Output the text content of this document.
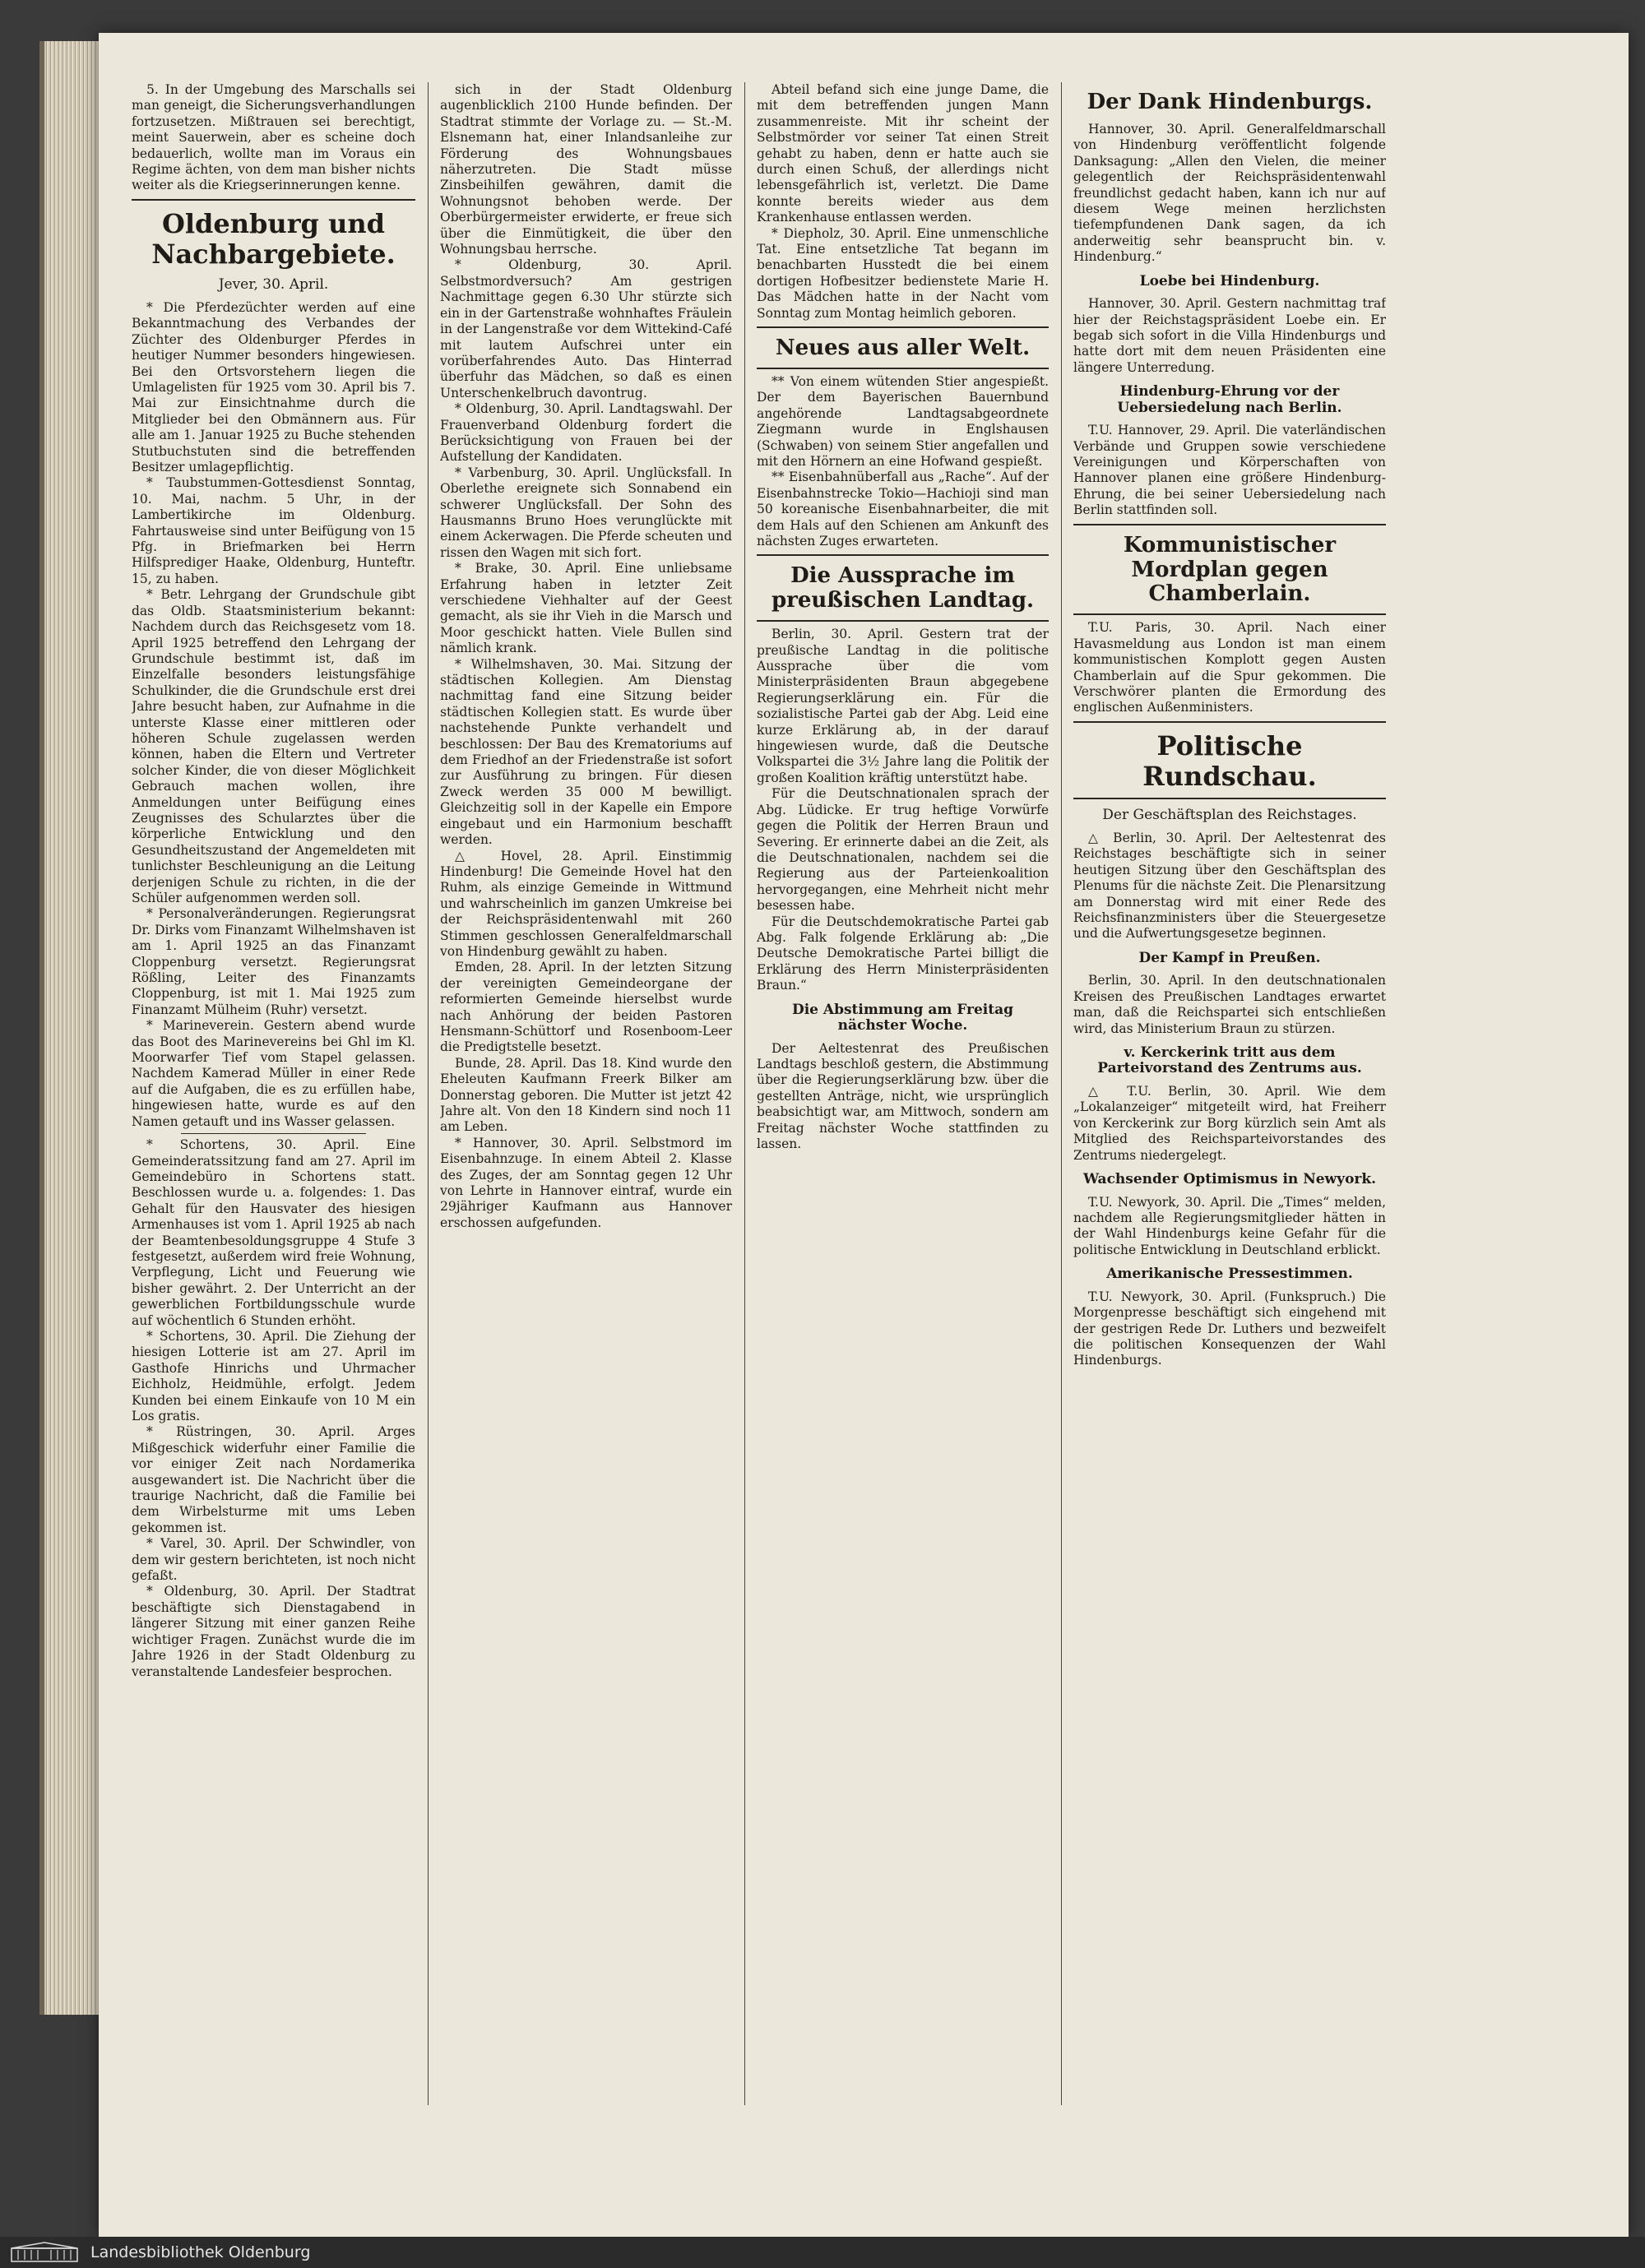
5. In der Umgebung des Marschalls sei man geneigt, die Sicherungsverhandlungen fortzusetzen. Mißtrauen sei berechtigt, meint Sauerwein, aber es scheine doch bedauerlich, wollte man im Voraus ein Regime ächten, von dem man bisher nichts weiter als die Kriegserinnerungen kenne.

Oldenburg und Nachbargebiete.
Jever, 30. April.

* Die Pferdezüchter werden auf eine Bekanntmachung des Verbandes der Züchter des Oldenburger Pferdes in heutiger Nummer besonders hingewiesen. Bei den Ortsvorstehern liegen die Umlagelisten für 1925 vom 30. April bis 7. Mai zur Einsichtnahme durch die Mitglieder bei den Obmännern aus. Für alle am 1. Januar 1925 zu Buche stehenden Stutbuchstuten sind die betreffenden Besitzer umlagepflichtig.

* Taubstummen-Gottesdienst Sonntag, 10. Mai, nachm. 5 Uhr, in der Lambertikirche im Oldenburg. Fahrtausweise sind unter Beifügung von 15 Pfg. in Briefmarken bei Herrn Hilfsprediger Haake, Oldenburg, Hunteftr. 15, zu haben.

* Betr. Lehrgang der Grundschule gibt das Oldb. Staatsministerium bekannt: Nachdem durch das Reichsgesetz vom 18. April 1925 betreffend den Lehrgang der Grundschule bestimmt ist, daß im Einzelfalle besonders leistungsfähige Schulkinder, die die Grundschule erst drei Jahre besucht haben, zur Aufnahme in die unterste Klasse einer mittleren oder höheren Schule zugelassen werden können, haben die Eltern und Vertreter solcher Kinder, die von dieser Möglichkeit Gebrauch machen wollen, ihre Anmeldungen unter Beifügung eines Zeugnisses des Schularztes über die körperliche Entwicklung und den Gesundheitszustand der Angemeldeten mit tunlichster Beschleunigung an die Leitung derjenigen Schule zu richten, in die der Schüler aufgenommen werden soll.

* Personalveränderungen. Regierungsrat Dr. Dirks vom Finanzamt Wilhelmshaven ist am 1. April 1925 an das Finanzamt Cloppenburg versetzt. Regierungsrat Rößling, Leiter des Finanzamts Cloppenburg, ist mit 1. Mai 1925 zum Finanzamt Mülheim (Ruhr) versetzt.

* Marineverein. Gestern abend wurde das Boot des Marinevereins bei Ghl im Kl. Moorwarfer Tief vom Stapel gelassen. Nachdem Kamerad Müller in einer Rede auf die Aufgaben, die es zu erfüllen habe, hingewiesen hatte, wurde es auf den Namen getauft und ins Wasser gelassen.

* Schortens, 30. April. Eine Gemeinderatssitzung fand am 27. April im Gemeindebüro in Schortens statt. Beschlossen wurde u. a. folgendes: 1. Das Gehalt für den Hausvater des hiesigen Armenhauses ist vom 1. April 1925 ab nach der Beamtenbesoldungsgruppe 4 Stufe 3 festgesetzt, außerdem wird freie Wohnung, Verpflegung, Licht und Feuerung wie bisher gewährt. 2. Der Unterricht an der gewerblichen Fortbildungsschule wurde auf wöchentlich 6 Stunden erhöht.

* Schortens, 30. April. Die Ziehung der hiesigen Lotterie ist am 27. April im Gasthofe Hinrichs und Uhrmacher Eichholz, Heidmühle, erfolgt. Jedem Kunden bei einem Einkaufe von 10 M ein Los gratis.

* Rüstringen, 30. April. Arges Mißgeschick widerfuhr einer Familie die vor einiger Zeit nach Nordamerika ausgewandert ist. Die Nachricht über die traurige Nachricht, daß die Familie bei dem Wirbelsturme mit ums Leben gekommen ist.

* Varel, 30. April. Der Schwindler, von dem wir gestern berichteten, ist noch nicht gefaßt.

* Oldenburg, 30. April. Der Stadtrat beschäftigte sich Dienstagabend in längerer Sitzung mit einer ganzen Reihe wichtiger Fragen. Zunächst wurde die im Jahre 1926 in der Stadt Oldenburg zu veranstaltende Landesfeier besprochen.

sich in der Stadt Oldenburg augenblicklich 2100 Hunde befinden. Der Stadtrat stimmte der Vorlage zu. — St.-M. Elsnemann hat, einer Inlandsanleihe zur Förderung des Wohnungsbaues näherzutreten. Die Stadt müsse Zinsbeihilfen gewähren, damit die Wohnungsnot behoben werde. Der Oberbürgermeister erwiderte, er freue sich über die Einmütigkeit, die über den Wohnungsbau herrsche.

* Oldenburg, 30. April. Selbstmordversuch? Am gestrigen Nachmittage gegen 6.30 Uhr stürzte sich ein in der Gartenstraße wohnhaftes Fräulein in der Langenstraße vor dem Wittekind-Café mit lautem Aufschrei unter ein vorüberfahrendes Auto. Das Hinterrad überfuhr das Mädchen, so daß es einen Unterschenkelbruch davontrug.

* Oldenburg, 30. April. Landtagswahl. Der Frauenverband Oldenburg fordert die Berücksichtigung von Frauen bei der Aufstellung der Kandidaten.

* Varbenburg, 30. April. Unglücksfall. In Oberlethe ereignete sich Sonnabend ein schwerer Unglücksfall. Der Sohn des Hausmanns Bruno Hoes verunglückte mit einem Ackerwagen. Die Pferde scheuten und rissen den Wagen mit sich fort.

* Brake, 30. April. Eine unliebsame Erfahrung haben in letzter Zeit verschiedene Viehhalter auf der Geest gemacht, als sie ihr Vieh in die Marsch und Moor geschickt hatten. Viele Bullen sind nämlich krank.

* Wilhelmshaven, 30. Mai. Sitzung der städtischen Kollegien. Am Dienstag nachmittag fand eine Sitzung beider städtischen Kollegien statt. Es wurde über nachstehende Punkte verhandelt und beschlossen: Der Bau des Krematoriums auf dem Friedhof an der Friedenstraße ist sofort zur Ausführung zu bringen. Für diesen Zweck werden 35 000 M bewilligt. Gleichzeitig soll in der Kapelle ein Empore eingebaut und ein Harmonium beschafft werden.

△ Hovel, 28. April. Einstimmig Hindenburg! Die Gemeinde Hovel hat den Ruhm, als einzige Gemeinde in Wittmund und wahrscheinlich im ganzen Umkreise bei der Reichspräsidentenwahl mit 260 Stimmen geschlossen Generalfeldmarschall von Hindenburg gewählt zu haben.

Emden, 28. April. In der letzten Sitzung der vereinigten Gemeindeorgane der reformierten Gemeinde hierselbst wurde nach Anhörung der beiden Pastoren Hensmann-Schüttorf und Rosenboom-Leer die Predigtstelle besetzt.

Bunde, 28. April. Das 18. Kind wurde den Eheleuten Kaufmann Freerk Bilker am Donnerstag geboren. Die Mutter ist jetzt 42 Jahre alt. Von den 18 Kindern sind noch 11 am Leben.

* Hannover, 30. April. Selbstmord im Eisenbahnzuge. In einem Abteil 2. Klasse des Zuges, der am Sonntag gegen 12 Uhr von Lehrte in Hannover eintraf, wurde ein 29jähriger Kaufmann aus Hannover erschossen aufgefunden.

Abteil befand sich eine junge Dame, die mit dem betreffenden jungen Mann zusammenreiste. Mit ihr scheint der Selbstmörder vor seiner Tat einen Streit gehabt zu haben, denn er hatte auch sie durch einen Schuß, der allerdings nicht lebensgefährlich ist, verletzt. Die Dame konnte bereits wieder aus dem Krankenhause entlassen werden.

* Diepholz, 30. April. Eine unmenschliche Tat. Eine entsetzliche Tat begann im benachbarten Husstedt die bei einem dortigen Hofbesitzer bedienstete Marie H. Das Mädchen hatte in der Nacht vom Sonntag zum Montag heimlich geboren.

Neues aus aller Welt.

** Von einem wütenden Stier angespießt. Der dem Bayerischen Bauernbund angehörende Landtagsabgeordnete Ziegmann wurde in Englshausen (Schwaben) von seinem Stier angefallen und mit den Hörnern an eine Hofwand gespießt.

** Eisenbahnüberfall aus „Rache“. Auf der Eisenbahnstrecke Tokio—Hachioji sind man 50 koreanische Eisenbahnarbeiter, die mit dem Hals auf den Schienen am Ankunft des nächsten Zuges erwarteten.

Die Aussprache im preußischen Landtag.

Berlin, 30. April. Gestern trat der preußische Landtag in die politische Aussprache über die vom Ministerpräsidenten Braun abgegebene Regierungserklärung ein. Für die sozialistische Partei gab der Abg. Leid eine kurze Erklärung ab, in der darauf hingewiesen wurde, daß die Deutsche Volkspartei die 3½ Jahre lang die Politik der großen Koalition kräftig unterstützt habe.

Für die Deutschnationalen sprach der Abg. Lüdicke. Er trug heftige Vorwürfe gegen die Politik der Herren Braun und Severing. Er erinnerte dabei an die Zeit, als die Deutschnationalen, nachdem sei die Regierung aus der Parteienkoalition hervorgegangen, eine Mehrheit nicht mehr besessen habe.

Für die Deutschdemokratische Partei gab Abg. Falk folgende Erklärung ab: „Die Deutsche Demokratische Partei billigt die Erklärung des Herrn Ministerpräsidenten Braun.“

Die Abstimmung am Freitag nächster Woche.

Der Aeltestenrat des Preußischen Landtags beschloß gestern, die Abstimmung über die Regierungserklärung bzw. über die gestellten Anträge, nicht, wie ursprünglich beabsichtigt war, am Mittwoch, sondern am Freitag nächster Woche stattfinden zu lassen.

Der Dank Hindenburgs.

Hannover, 30. April. Generalfeldmarschall von Hindenburg veröffentlicht folgende Danksagung: „Allen den Vielen, die meiner gelegentlich der Reichspräsidentenwahl freundlichst gedacht haben, kann ich nur auf diesem Wege meinen herzlichsten tiefempfundenen Dank sagen, da ich anderweitig sehr beansprucht bin. v. Hindenburg.“

Loebe bei Hindenburg.

Hannover, 30. April. Gestern nachmittag traf hier der Reichstagspräsident Loebe ein. Er begab sich sofort in die Villa Hindenburgs und hatte dort mit dem neuen Präsidenten eine längere Unterredung.

Hindenburg-Ehrung vor der Uebersiedelung nach Berlin.

T.U. Hannover, 29. April. Die vaterländischen Verbände und Gruppen sowie verschiedene Vereinigungen und Körperschaften von Hannover planen eine größere Hindenburg-Ehrung, die bei seiner Uebersiedelung nach Berlin stattfinden soll.

Kommunistischer Mordplan gegen Chamberlain.

T.U. Paris, 30. April. Nach einer Havasmeldung aus London ist man einem kommunistischen Komplott gegen Austen Chamberlain auf die Spur gekommen. Die Verschwörer planten die Ermordung des englischen Außenministers.

Politische Rundschau.
Der Geschäftsplan des Reichstages.

△ Berlin, 30. April. Der Aeltestenrat des Reichstages beschäftigte sich in seiner heutigen Sitzung über den Geschäftsplan des Plenums für die nächste Zeit. Die Plenarsitzung am Donnerstag wird mit einer Rede des Reichsfinanzministers über die Steuergesetze und die Aufwertungsgesetze beginnen.

Der Kampf in Preußen.

Berlin, 30. April. In den deutschnationalen Kreisen des Preußischen Landtages erwartet man, daß die Reichspartei sich entschließen wird, das Ministerium Braun zu stürzen.

v. Kerckerink tritt aus dem Parteivorstand des Zentrums aus.

△ T.U. Berlin, 30. April. Wie dem „Lokalanzeiger“ mitgeteilt wird, hat Freiherr von Kerckerink zur Borg kürzlich sein Amt als Mitglied des Reichsparteivorstandes des Zentrums niedergelegt.

Wachsender Optimismus in Newyork.

T.U. Newyork, 30. April. Die „Times“ melden, nachdem alle Regierungsmitglieder hätten in der Wahl Hindenburgs keine Gefahr für die politische Entwicklung in Deutschland erblickt.

Amerikanische Pressestimmen.

T.U. Newyork, 30. April. (Funkspruch.) Die Morgenpresse beschäftigt sich eingehend mit der gestrigen Rede Dr. Luthers und bezweifelt die politischen Konsequenzen der Wahl Hindenburgs.

Landesbibliothek Oldenburg
